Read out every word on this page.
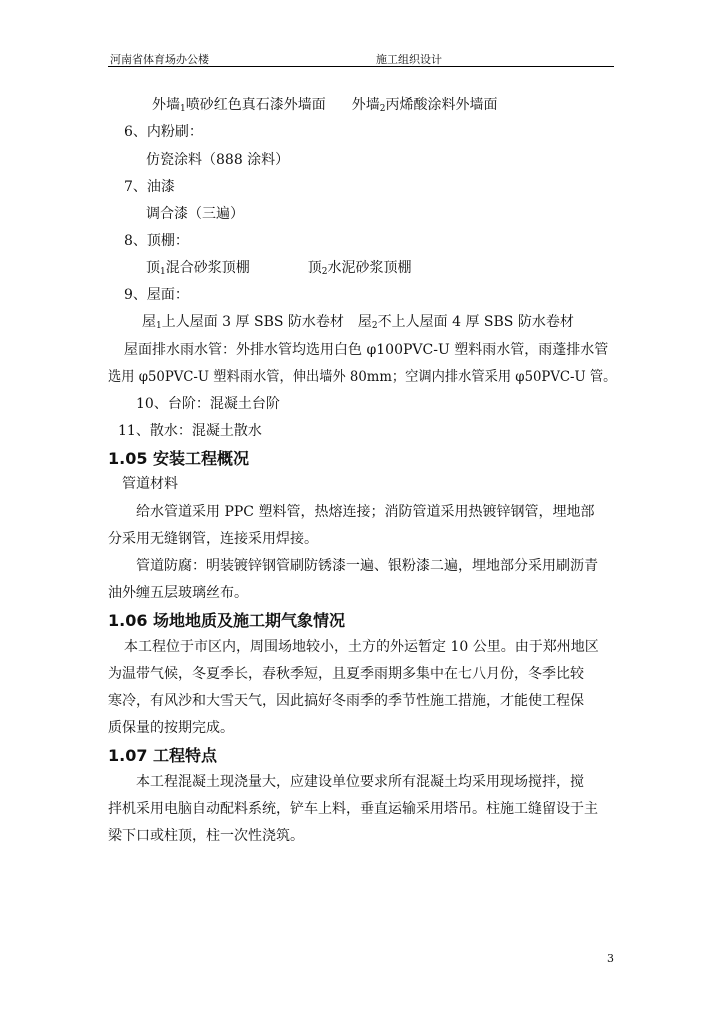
河南省体育场办公楼	施工组织设计
外墙$_1$喷砂红色真石漆外墙面 外墙$_2$丙烯酸涂料外墙面
6、内粉刷：
仿瓷涂料（888 涂料）
7、油漆
调合漆（三遍）
8、顶棚：
顶$_1$混合砂浆顶棚	顶$_2$水泥砂浆顶棚
9、屋面：
屋$_1$上人屋面 3 厚 SBS 防水卷材 屋$_2$不上人屋面 4 厚 SBS 防水卷材
屋面排水雨水管：外排水管均选用白色 φ100PVC-U 塑料雨水管，雨蓬排水管
选用 φ50PVC-U 塑料雨水管，伸出墙外 80mm；空调内排水管采用 φ50PVC-U 管。
10、台阶：混凝土台阶
11、散水：混凝土散水
1.05 安装工程概况
管道材料
给水管道采用 PPC 塑料管，热熔连接；消防管道采用热镀锌钢管，埋地部
分采用无缝钢管，连接采用焊接。
管道防腐：明装镀锌钢管刷防锈漆一遍、银粉漆二遍，埋地部分采用刷沥青
油外缠五层玻璃丝布。
1.06 场地地质及施工期气象情况
本工程位于市区内，周围场地较小，土方的外运暂定 10 公里。由于郑州地区
为温带气候，冬夏季长，春秋季短，且夏季雨期多集中在七八月份，冬季比较
寒冷，有风沙和大雪天气，因此搞好冬雨季的季节性施工措施，才能使工程保
质保量的按期完成。
1.07 工程特点
本工程混凝土现浇量大，应建设单位要求所有混凝土均采用现场搅拌，搅
拌机采用电脑自动配料系统，铲车上料，垂直运输采用塔吊。柱施工缝留设于主
梁下口或柱顶，柱一次性浇筑。
3
